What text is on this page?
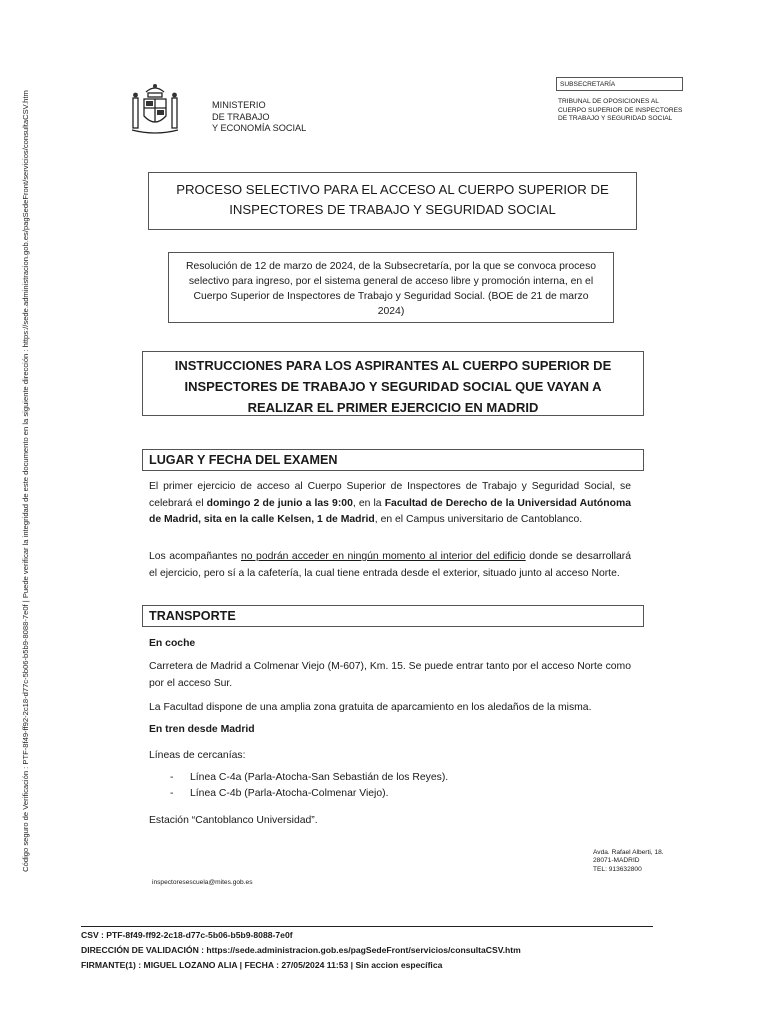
Código seguro de Verificación : PTF-8f49-ff92-2c18-d77c-5b06-b5b9-8088-7e0f | Puede verificar la integridad de este documento en la siguiente dirección : https://sede.administracion.gob.es/pagSedeFront/servicios/consultaCSV.htm	MINISTERIO
DE TRABAJO
Y ECONOMÍA SOCIAL
SUBSECRETARÍA
TRIBUNAL DE OPOSICIONES AL CUERPO SUPERIOR DE INSPECTORES DE TRABAJO Y SEGURIDAD SOCIAL
PROCESO SELECTIVO PARA EL ACCESO AL CUERPO SUPERIOR DE
INSPECTORES DE TRABAJO Y SEGURIDAD SOCIAL
Resolución de 12 de marzo de 2024, de la Subsecretaría, por la que se convoca proceso selectivo para ingreso, por el sistema general de acceso libre y promoción interna, en el Cuerpo Superior de Inspectores de Trabajo y Seguridad Social. (BOE de 21 de marzo 2024)
INSTRUCCIONES PARA LOS ASPIRANTES AL CUERPO SUPERIOR DE
INSPECTORES DE TRABAJO Y SEGURIDAD SOCIAL QUE VAYAN A
REALIZAR EL PRIMER EJERCICIO EN MADRID
LUGAR Y FECHA DEL EXAMEN
El primer ejercicio de acceso al Cuerpo Superior de Inspectores de Trabajo y Seguridad Social, se celebrará el domingo 2 de junio a las 9:00, en la Facultad de Derecho de la Universidad Autónoma de Madrid, sita en la calle Kelsen, 1 de Madrid, en el Campus universitario de Cantoblanco.
Los acompañantes no podrán acceder en ningún momento al interior del edificio donde se desarrollará el ejercicio, pero sí a la cafetería, la cual tiene entrada desde el exterior, situado junto al acceso Norte.
TRANSPORTE
En coche
Carretera de Madrid a Colmenar Viejo (M-607), Km. 15. Se puede entrar tanto por el acceso Norte como por el acceso Sur.
La Facultad dispone de una amplia zona gratuita de aparcamiento en los aledaños de la misma.
En tren desde Madrid
Líneas de cercanías:
- Línea C-4a (Parla-Atocha-San Sebastián de los Reyes).
- Línea C-4b (Parla-Atocha-Colmenar Viejo).
Estación “Cantoblanco Universidad”.
Avda. Rafael Alberti, 18.
28071-MADRID
TEL: 913632800
inspectoresescuela@mites.gob.es
CSV : PTF-8f49-ff92-2c18-d77c-5b06-b5b9-8088-7e0f
DIRECCIÓN DE VALIDACIÓN : https://sede.administracion.gob.es/pagSedeFront/servicios/consultaCSV.htm
FIRMANTE(1) : MIGUEL LOZANO ALIA | FECHA : 27/05/2024 11:53 | Sin accion específica
